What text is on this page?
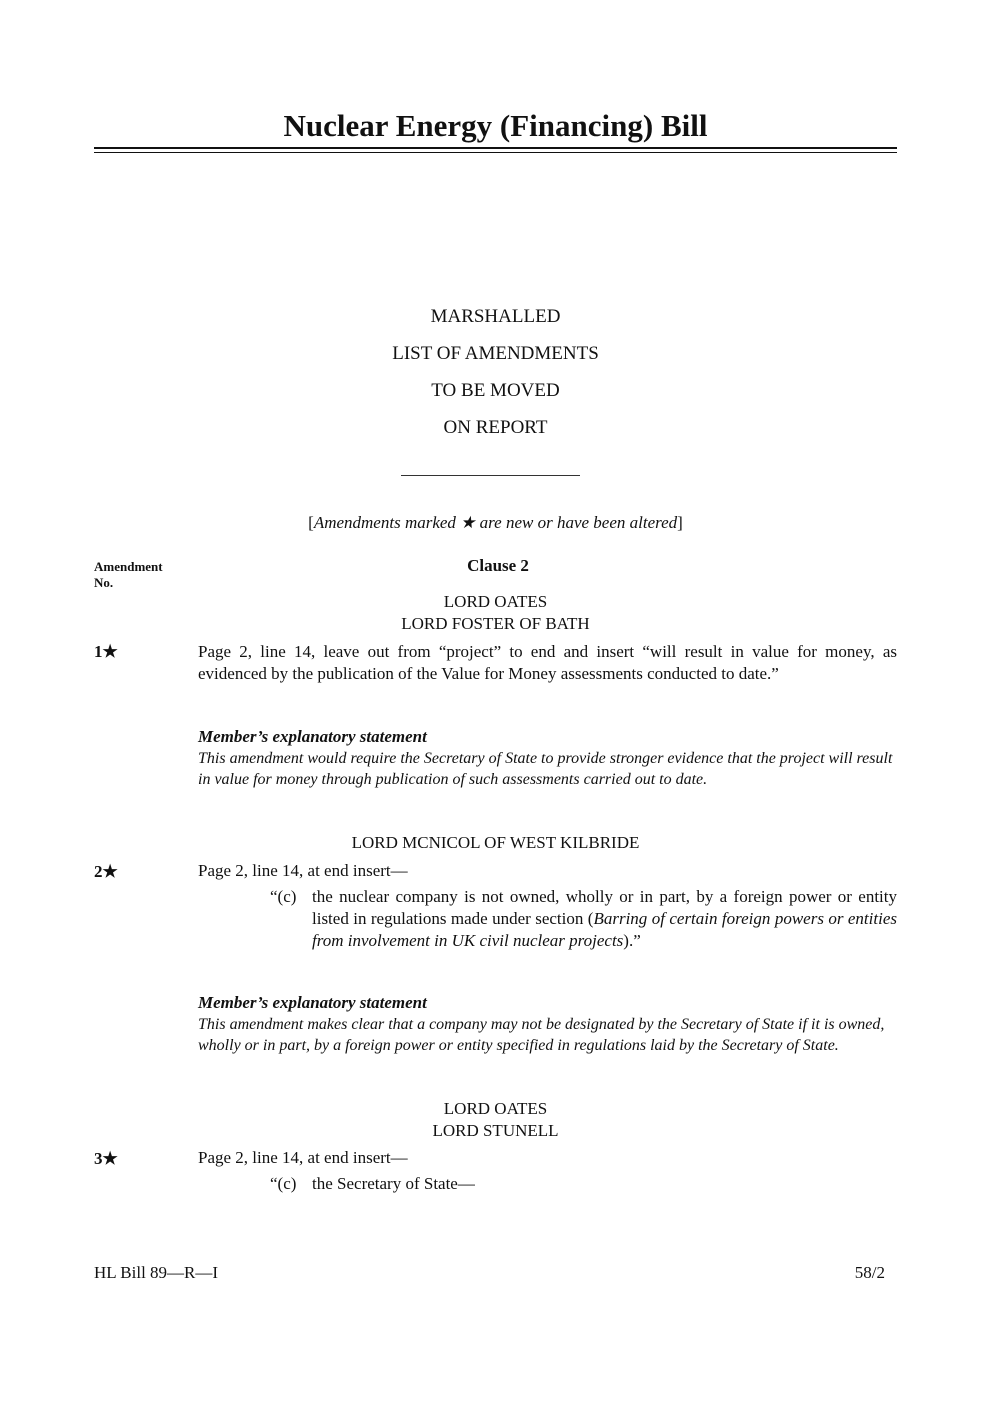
Nuclear Energy (Financing) Bill
MARSHALLED
LIST OF AMENDMENTS
TO BE MOVED
ON REPORT
[Amendments marked ★ are new or have been altered]
Amendment
No.
Clause 2
LORD OATES
LORD FOSTER OF BATH
1★	Page 2, line 14, leave out from “project” to end and insert “will result in value for money, as evidenced by the publication of the Value for Money assessments conducted to date.”
Member’s explanatory statement
This amendment would require the Secretary of State to provide stronger evidence that the project will result in value for money through publication of such assessments carried out to date.
LORD MCNICOL OF WEST KILBRIDE
2★	Page 2, line 14, at end insert—
“(c) the nuclear company is not owned, wholly or in part, by a foreign power or entity listed in regulations made under section (Barring of certain foreign powers or entities from involvement in UK civil nuclear projects).”
Member’s explanatory statement
This amendment makes clear that a company may not be designated by the Secretary of State if it is owned, wholly or in part, by a foreign power or entity specified in regulations laid by the Secretary of State.
LORD OATES
LORD STUNELL
3★	Page 2, line 14, at end insert—
“(c) the Secretary of State—
HL Bill 89—R—I	58/2
